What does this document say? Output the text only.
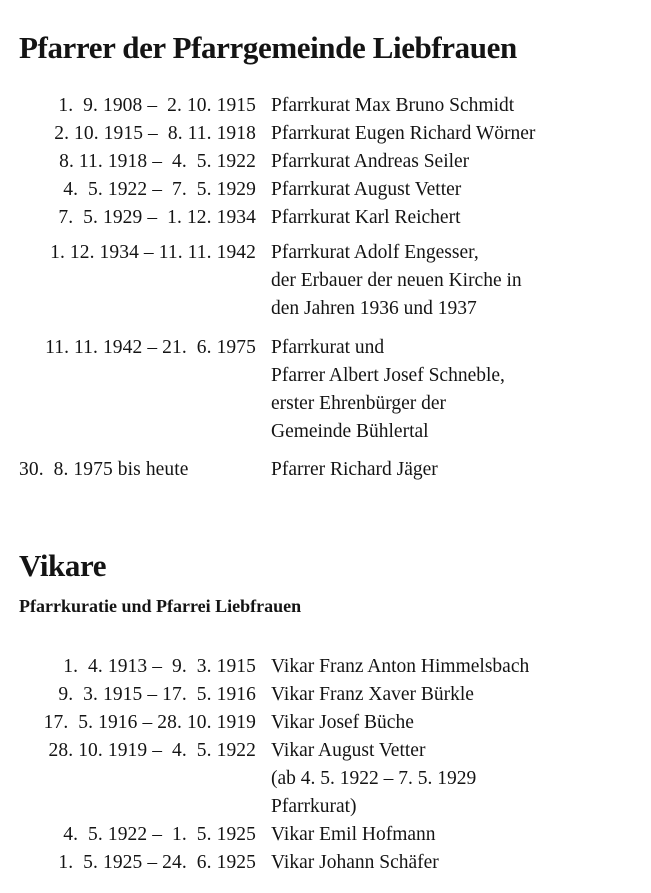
Pfarrer der Pfarrgemeinde Liebfrauen
1.  9. 1908 –  2. 10. 1915 Pfarrkurat Max Bruno Schmidt
2. 10. 1915 –  8. 11. 1918 Pfarrkurat Eugen Richard Wörner
8. 11. 1918 –  4.  5. 1922 Pfarrkurat Andreas Seiler
4.  5. 1922 –  7.  5. 1929 Pfarrkurat August Vetter
7.  5. 1929 –  1. 12. 1934 Pfarrkurat Karl Reichert
1. 12. 1934 – 11. 11. 1942 Pfarrkurat Adolf Engesser,
der Erbauer der neuen Kirche in
den Jahren 1936 und 1937
11. 11. 1942 – 21.  6. 1975 Pfarrkurat und
Pfarrer Albert Josef Schneble,
erster Ehrenbürger der
Gemeinde Bühlertal
30.  8. 1975 bis heute	Pfarrer Richard Jäger
Vikare

Pfarrkuratie und Pfarrei Liebfrauen

1.  4. 1913 –  9.  3. 1915 Vikar Franz Anton Himmelsbach
9.  3. 1915 – 17.  5. 1916 Vikar Franz Xaver Bürkle
17.  5. 1916 – 28. 10. 1919 Vikar Josef Büche
28. 10. 1919 –  4.  5. 1922 Vikar August Vetter
(ab 4. 5. 1922 – 7. 5. 1929
Pfarrkurat)
4.  5. 1922 –  1.  5. 1925 Vikar Emil Hofmann
1.  5. 1925 – 24.  6. 1925 Vikar Johann Schäfer
